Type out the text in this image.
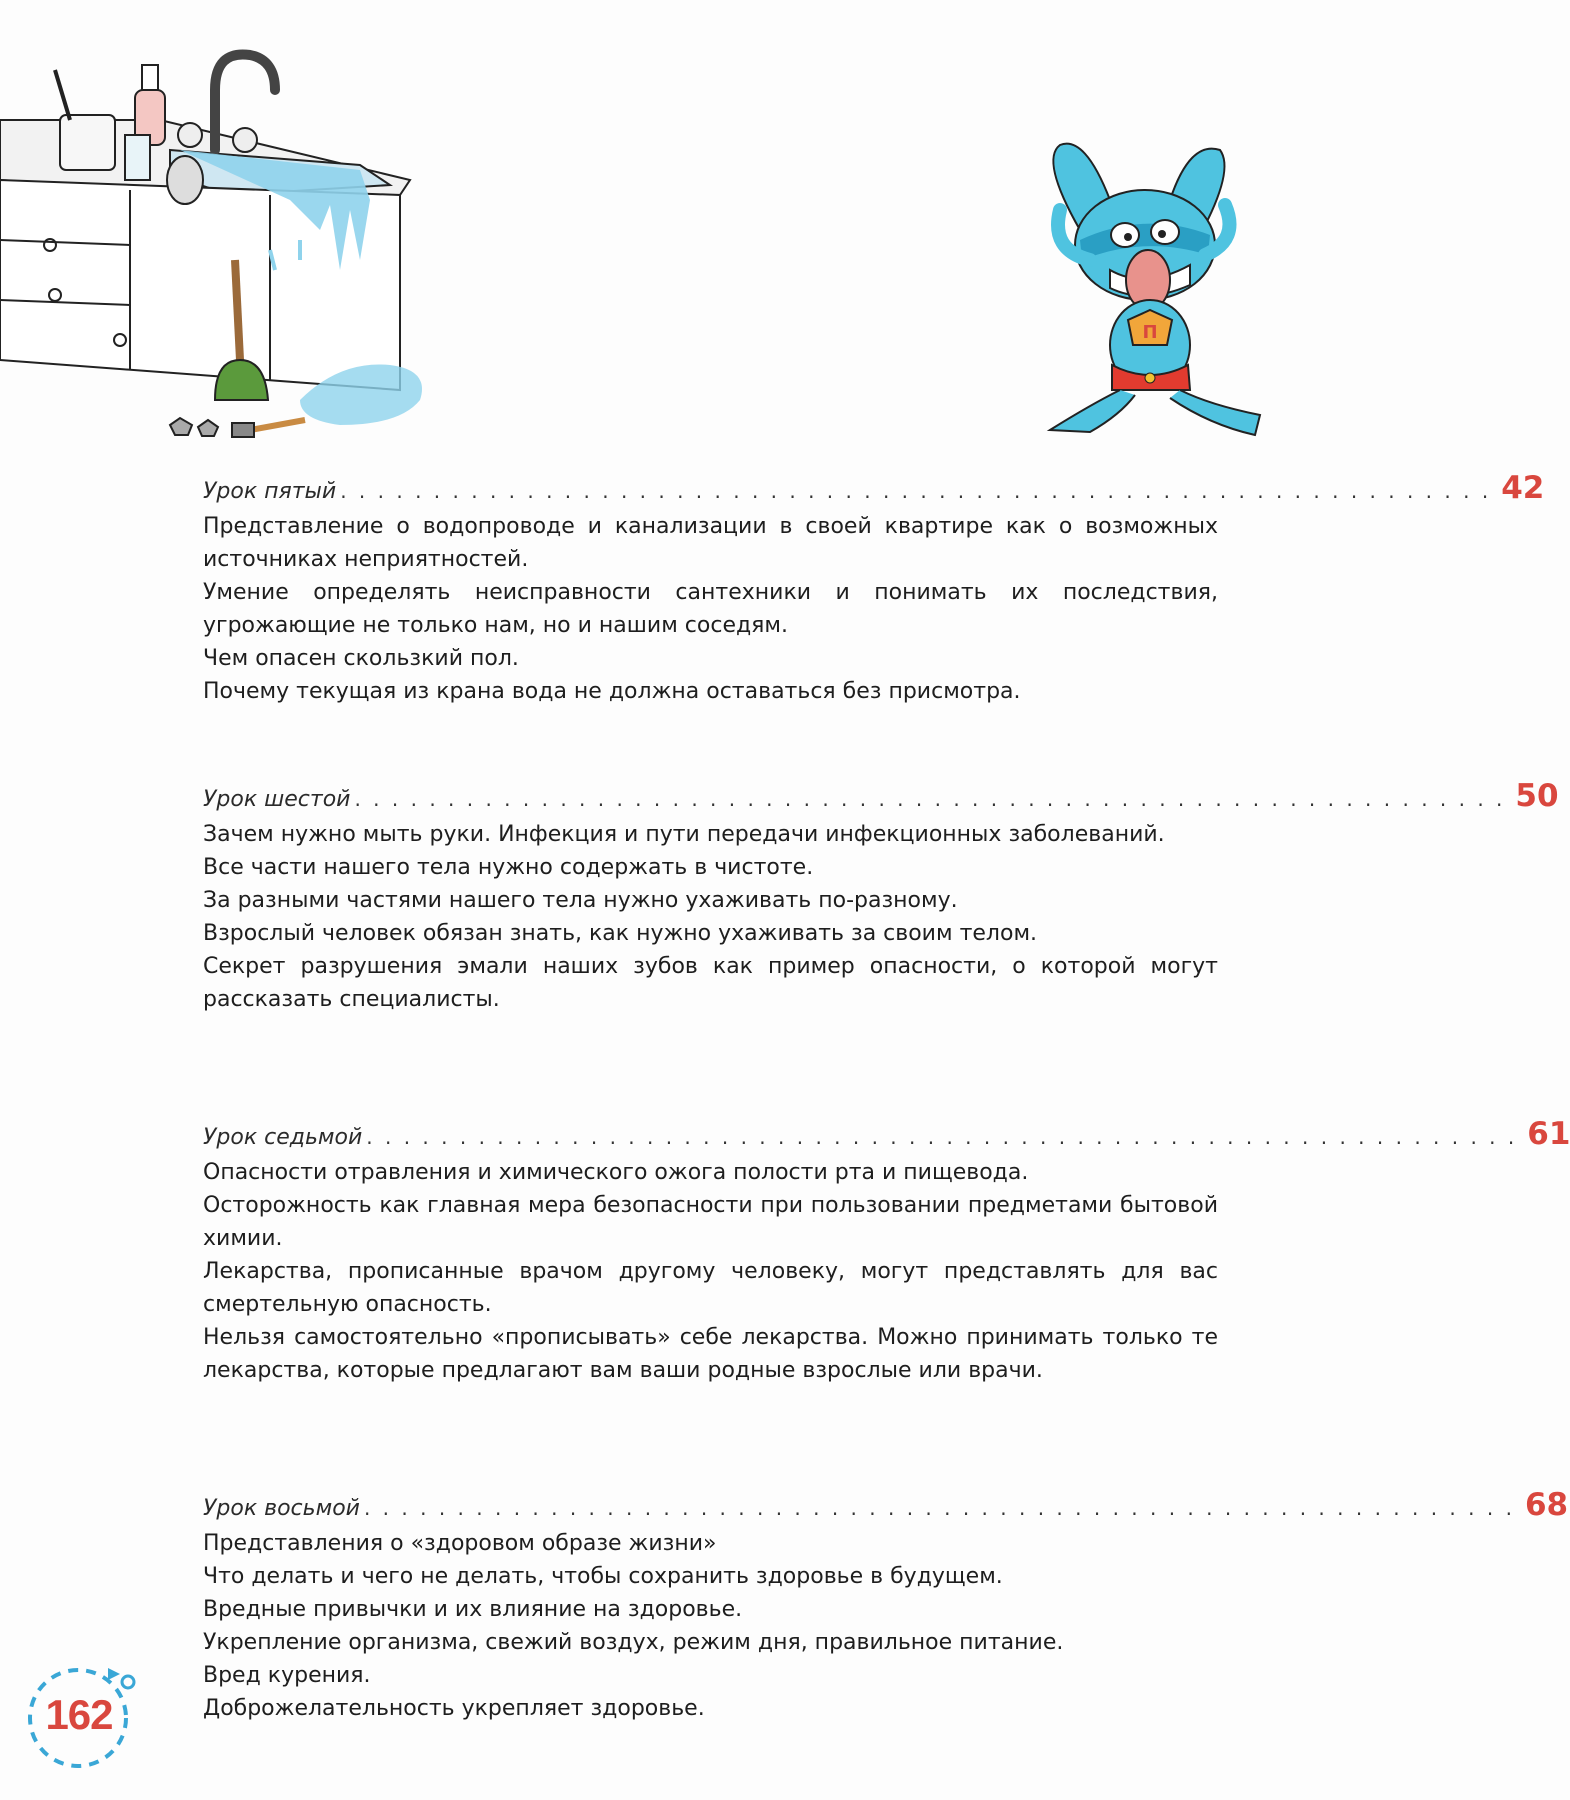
П
Урок пятый . . . . . . . . . . . . . . . . . . . . . . . . . . . . . . . . . . . . . . . . . . . . . . . . . . . . . . . . . . . . . . 42

Представление о водопроводе и канализации в своей квартире как о возможных источниках неприятностей.

Умение определять неисправности сантехники и понимать их последствия, угрожающие не только нам, но и нашим соседям.

Чем опасен скользкий пол.

Почему текущая из крана вода не должна оставаться без присмотра.

Урок шестой . . . . . . . . . . . . . . . . . . . . . . . . . . . . . . . . . . . . . . . . . . . . . . . . . . . . . . . . . . . . . . 50

Зачем нужно мыть руки. Инфекция и пути передачи инфекционных заболеваний.

Все части нашего тела нужно содержать в чистоте.

За разными частями нашего тела нужно ухаживать по-разному.

Взрослый человек обязан знать, как нужно ухаживать за своим телом.

Секрет разрушения эмали наших зубов как пример опасности, о которой могут рассказать специалисты.

Урок седьмой . . . . . . . . . . . . . . . . . . . . . . . . . . . . . . . . . . . . . . . . . . . . . . . . . . . . . . . . . . . . . . 61

Опасности отравления и химического ожога полости рта и пищевода.

Осторожность как главная мера безопасности при пользовании предметами бытовой химии.

Лекарства, прописанные врачом другому человеку, могут представлять для вас смертельную опасность.

Нельзя самостоятельно «прописывать» себе лекарства. Можно принимать только те лекарства, которые предлагают вам ваши родные взрослые или врачи.

Урок восьмой . . . . . . . . . . . . . . . . . . . . . . . . . . . . . . . . . . . . . . . . . . . . . . . . . . . . . . . . . . . . . . 68

Представления о «здоровом образе жизни»

Что делать и чего не делать, чтобы сохранить здоровье в будущем.

Вредные привычки и их влияние на здоровье.

Укрепление организма, свежий воздух, режим дня, правильное питание.

Вред курения.

Доброжелательность укрепляет здоровье.

162
